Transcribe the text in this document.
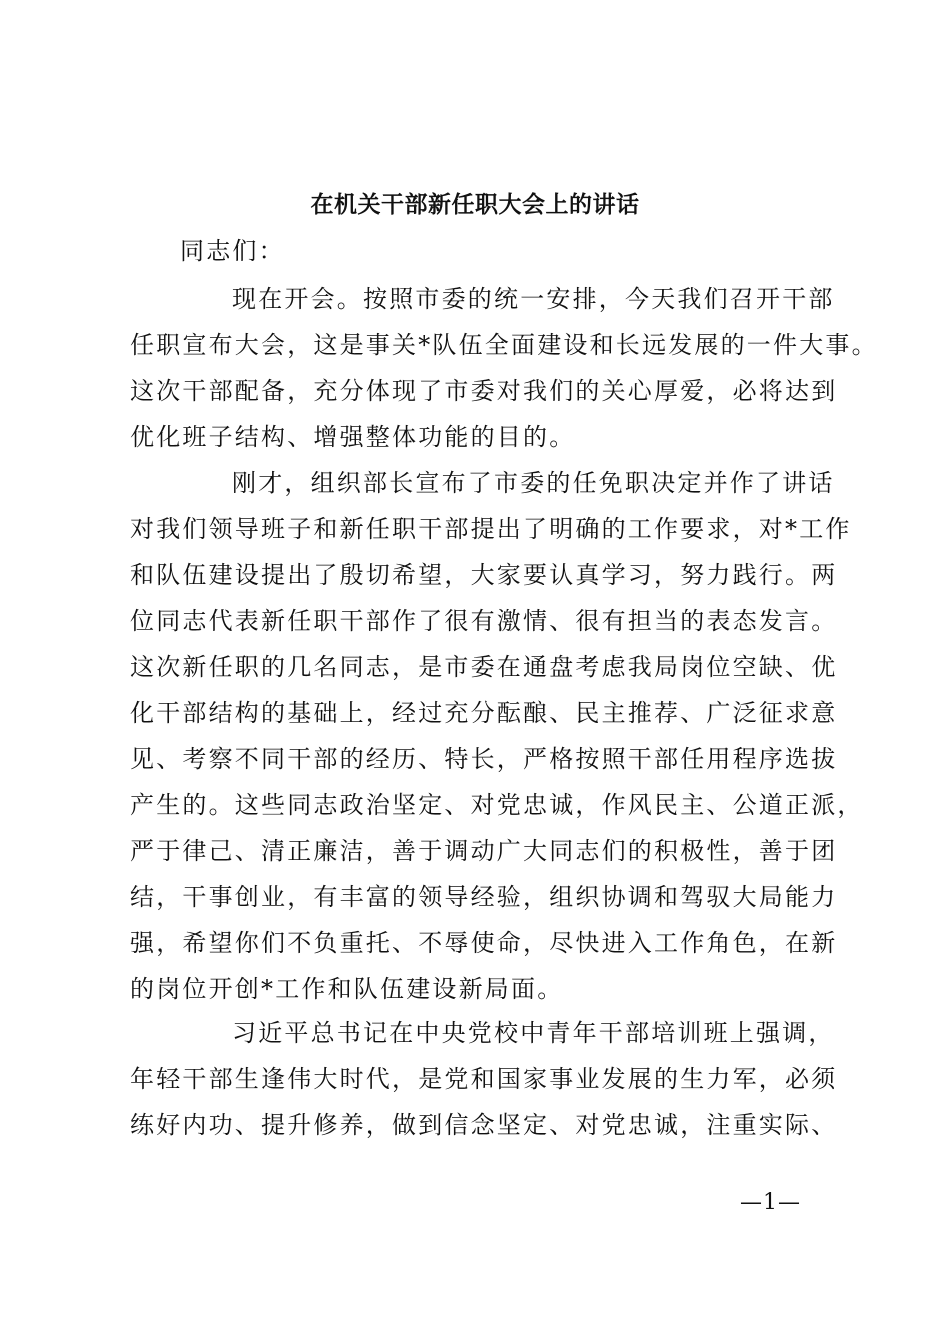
在机关干部新任职大会上的讲话
同志们：
现在开会。按照市委的统一安排，今天我们召开干部
任职宣布大会，这是事关*队伍全面建设和长远发展的一件大事。
这次干部配备，充分体现了市委对我们的关心厚爱，必将达到
优化班子结构、增强整体功能的目的。
刚才，组织部长宣布了市委的任免职决定并作了讲话
对我们领导班子和新任职干部提出了明确的工作要求，对*工作
和队伍建设提出了殷切希望，大家要认真学习，努力践行。两
位同志代表新任职干部作了很有激情、很有担当的表态发言。
这次新任职的几名同志，是市委在通盘考虑我局岗位空缺、优
化干部结构的基础上，经过充分酝酿、民主推荐、广泛征求意
见、考察不同干部的经历、特长，严格按照干部任用程序选拔
产生的。这些同志政治坚定、对党忠诚，作风民主、公道正派，
严于律己、清正廉洁，善于调动广大同志们的积极性，善于团
结，干事创业，有丰富的领导经验，组织协调和驾驭大局能力
强，希望你们不负重托、不辱使命，尽快进入工作角色，在新
的岗位开创*工作和队伍建设新局面。
习近平总书记在中央党校中青年干部培训班上强调，
年轻干部生逢伟大时代，是党和国家事业发展的生力军，必须
练好内功、提升修养，做到信念坚定、对党忠诚，注重实际、
—1—
